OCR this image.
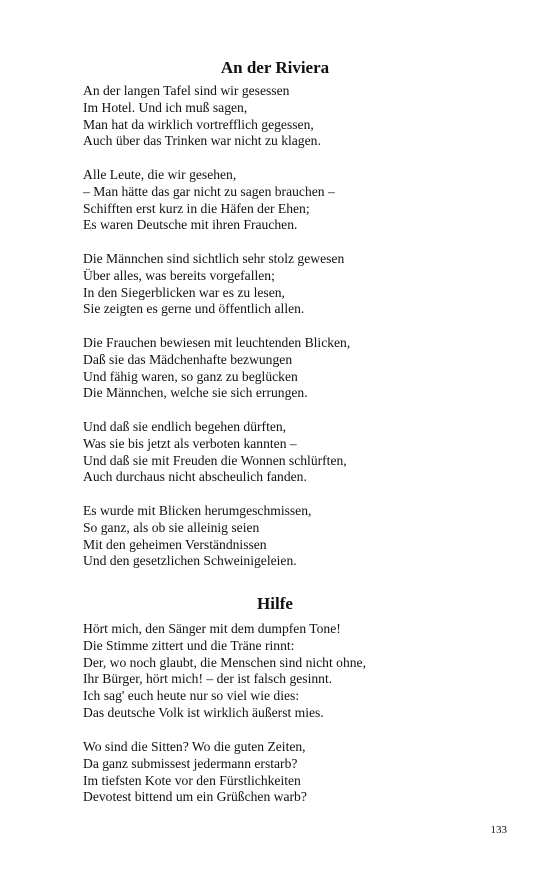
An der Riviera
An der langen Tafel sind wir gesessen
Im Hotel. Und ich muß sagen,
Man hat da wirklich vortrefflich gegessen,
Auch über das Trinken war nicht zu klagen.
Alle Leute, die wir gesehen,
– Man hätte das gar nicht zu sagen brauchen –
Schifften erst kurz in die Häfen der Ehen;
Es waren Deutsche mit ihren Frauchen.
Die Männchen sind sichtlich sehr stolz gewesen
Über alles, was bereits vorgefallen;
In den Siegerblicken war es zu lesen,
Sie zeigten es gerne und öffentlich allen.
Die Frauchen bewiesen mit leuchtenden Blicken,
Daß sie das Mädchenhafte bezwungen
Und fähig waren, so ganz zu beglücken
Die Männchen, welche sie sich errungen.
Und daß sie endlich begehen dürften,
Was sie bis jetzt als verboten kannten –
Und daß sie mit Freuden die Wonnen schlürften,
Auch durchaus nicht abscheulich fanden.
Es wurde mit Blicken herumgeschmissen,
So ganz, als ob sie alleinig seien
Mit den geheimen Verständnissen
Und den gesetzlichen Schweinigeleien.
Hilfe
Hört mich, den Sänger mit dem dumpfen Tone!
Die Stimme zittert und die Träne rinnt:
Der, wo noch glaubt, die Menschen sind nicht ohne,
Ihr Bürger, hört mich! – der ist falsch gesinnt.
Ich sag' euch heute nur so viel wie dies:
Das deutsche Volk ist wirklich äußerst mies.
Wo sind die Sitten? Wo die guten Zeiten,
Da ganz submissest jedermann erstarb?
Im tiefsten Kote vor den Fürstlichkeiten
Devotest bittend um ein Grüßchen warb?
133
